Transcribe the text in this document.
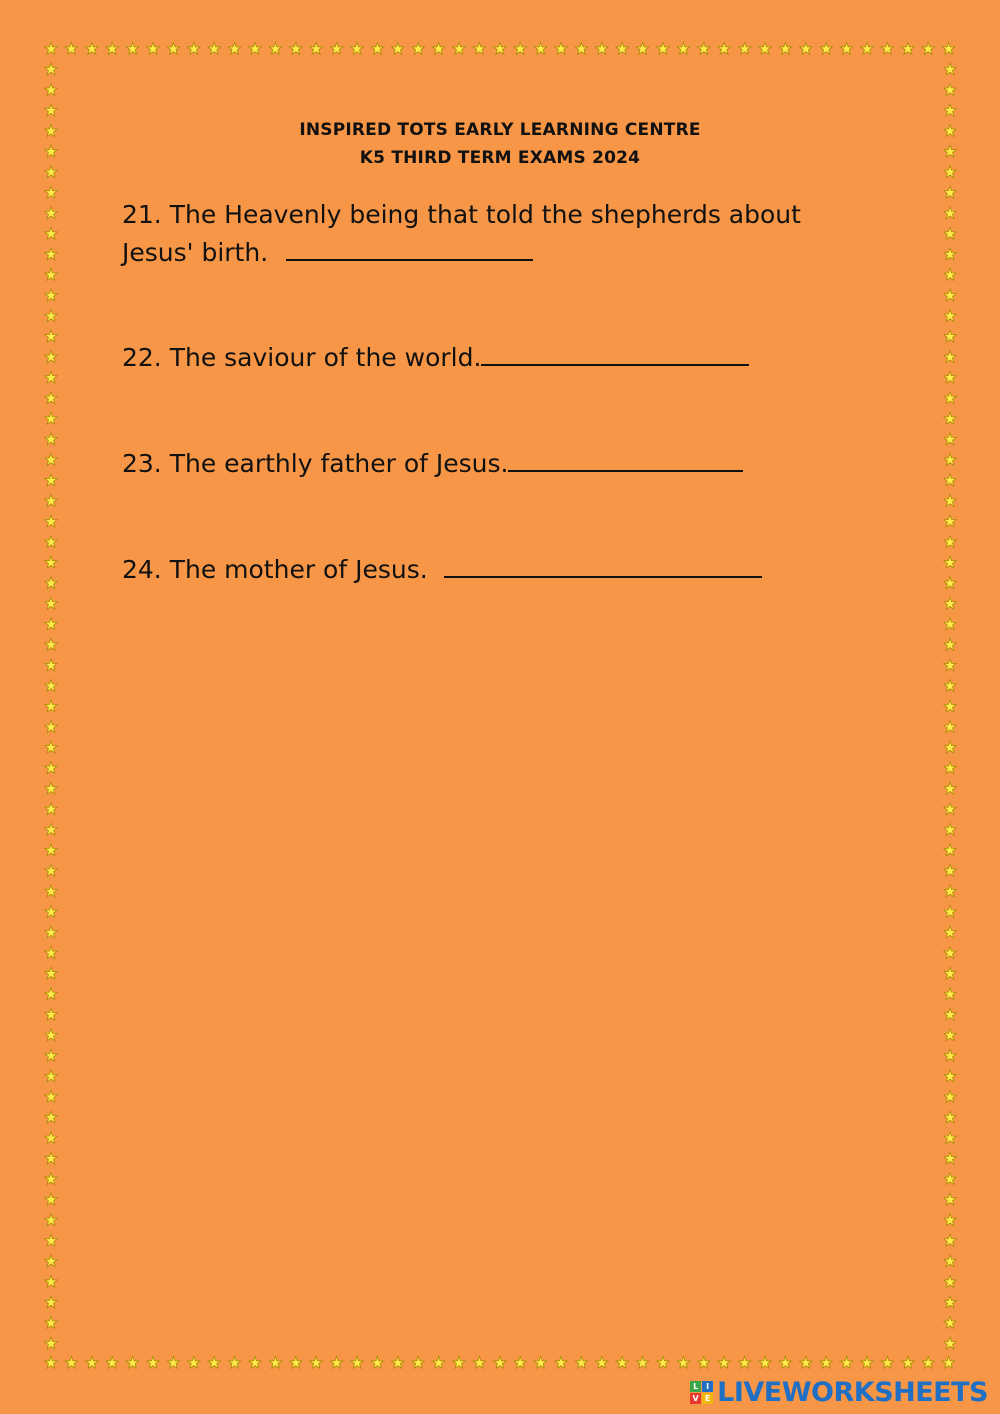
INSPIRED TOTS EARLY LEARNING CENTRE
K5 THIRD TERM EXAMS 2024
21. The Heavenly being that told the shepherds about
Jesus' birth.
22. The saviour of the world.
23. The earthly father of Jesus.
24. The mother of Jesus.
L I
V E LIVEWORKSHEETS
